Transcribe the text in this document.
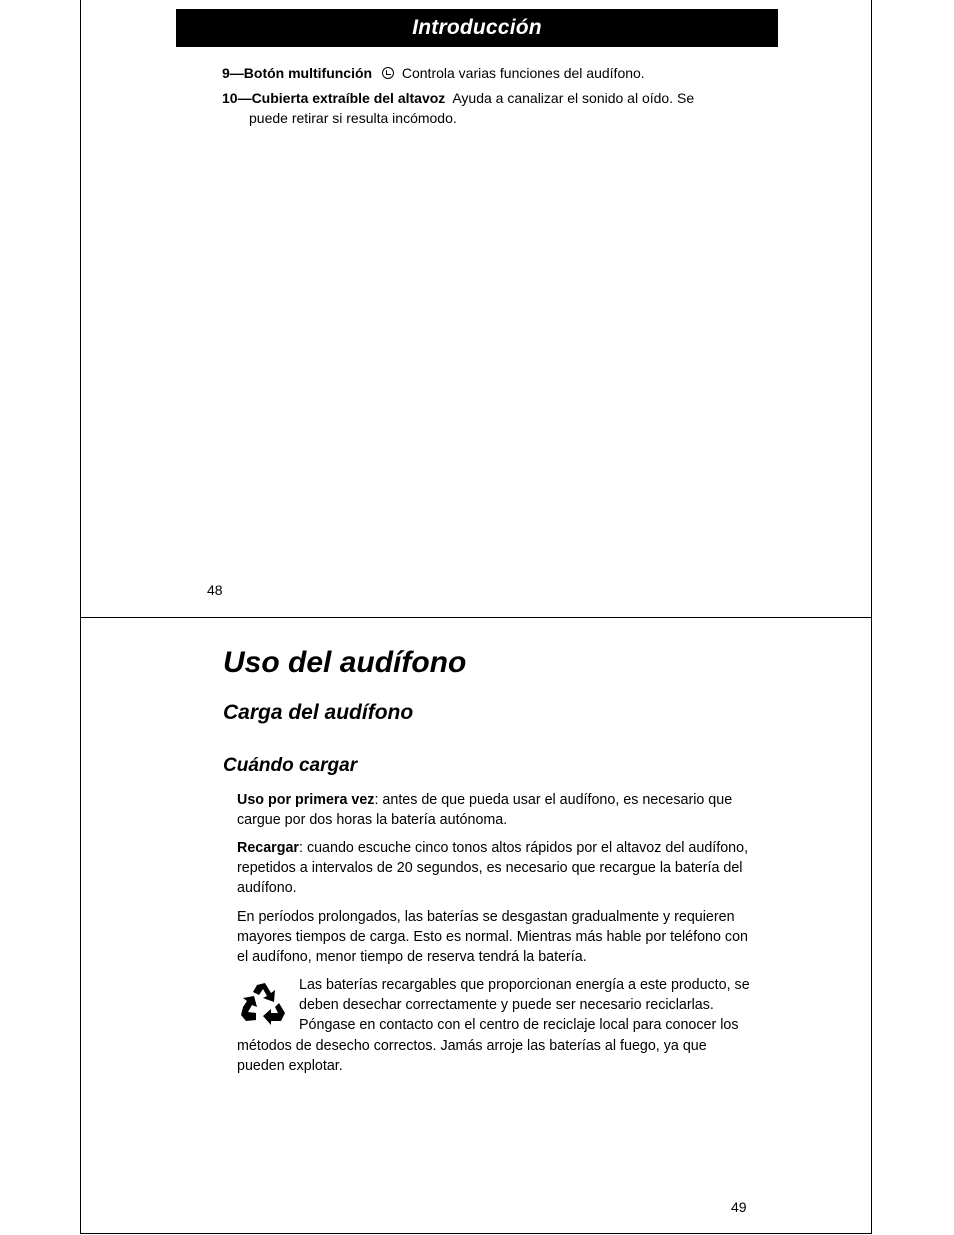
Introducción
9—Botón multifunción Controla varias funciones del audífono.
10—Cubierta extraíble del altavoz Ayuda a canalizar el sonido al oído. Se
puede retirar si resulta incómodo.
48
Uso del audífono
Carga del audífono
Cuándo cargar
Uso por primera vez: antes de que pueda usar el audífono, es necesario que cargue por dos horas la batería autónoma.
Recargar: cuando escuche cinco tonos altos rápidos por el altavoz del audífono, repetidos a intervalos de 20 segundos, es necesario que recargue la batería del audífono.
En períodos prolongados, las baterías se desgastan gradualmente y requieren mayores tiempos de carga. Esto es normal. Mientras más hable por teléfono con el audífono, menor tiempo de reserva tendrá la batería.
Las baterías recargables que proporcionan energía a este producto, se deben desechar correctamente y puede ser necesario reciclarlas. Póngase en contacto con el centro de reciclaje local para conocer los métodos de desecho correctos. Jamás arroje las baterías al fuego, ya que pueden explotar.
49
